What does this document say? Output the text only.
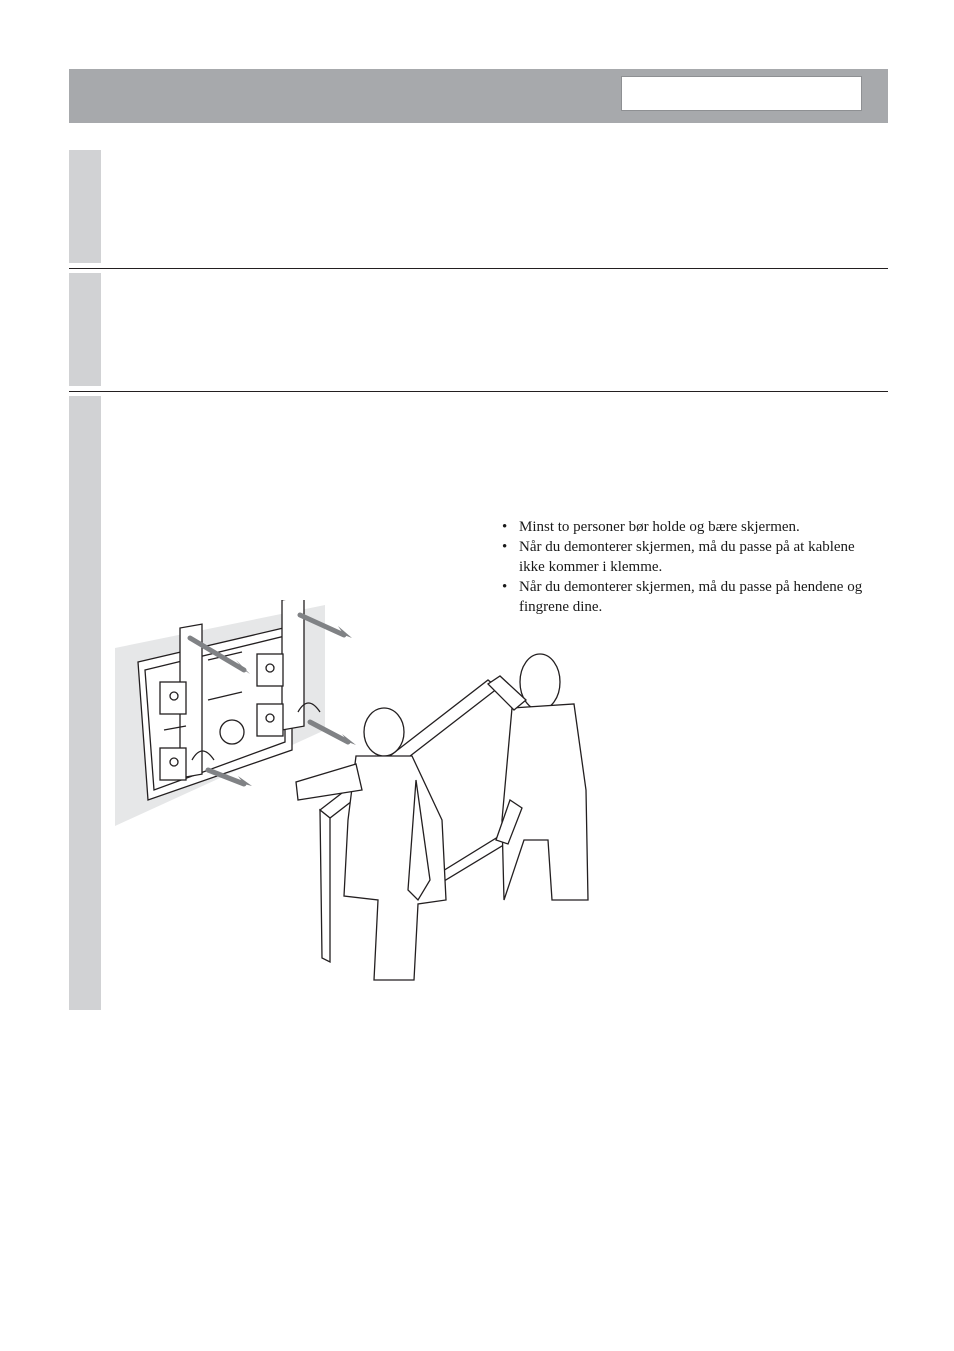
• Minst to personer bør holde og bære skjermen.
• Når du demonterer skjermen, må du passe på at kablene ikke kommer i klemme.
• Når du demonterer skjermen, må du passe på hendene og fingrene dine.
